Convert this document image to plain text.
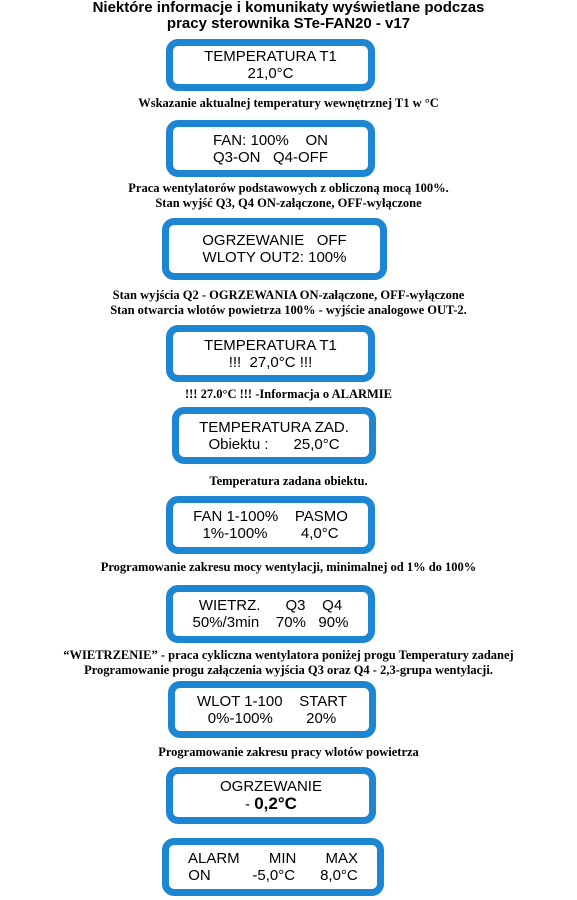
Niektóre informacje i komunikaty wyświetlane podczas
pracy sterownika STe-FAN20 - v17
TEMPERATURA T1
21,0°C
Wskazanie aktualnej temperatury wewnętrznej T1 w °C
FAN: 100%    ON
Q3-ON   Q4-OFF
Praca wentylatorów podstawowych z obliczoną mocą 100%.
Stan wyjść Q3, Q4 ON-załączone, OFF-wyłączone
OGRZEWANIE   OFF
WLOTY OUT2: 100%
Stan wyjścia Q2 - OGRZEWANIA ON-załączone, OFF-wyłączone
Stan otwarcia wlotów powietrza 100% - wyjście analogowe OUT-2.
TEMPERATURA T1
!!!  27,0°C !!!
!!! 27.0°C !!! -Informacja o ALARMIE
TEMPERATURA ZAD.
Obiektu :      25,0°C
Temperatura zadana obiektu.
FAN 1-100%    PASMO
1%-100%        4,0°C
Programowanie zakresu mocy wentylacji, minimalnej od 1% do 100%
WIETRZ.      Q3    Q4
50%/3min    70%   90%
“WIETRZENIE” - praca cykliczna wentylatora poniżej progu Temperatury zadanej
Programowanie progu załączenia wyjścia Q3 oraz Q4 - 2,3-grupa wentylacji.
WLOT 1-100    START
0%-100%        20%
Programowanie zakresu pracy wlotów powietrza
OGRZEWANIE
- 0,2°C
ALARM       MIN       MAX
ON          -5,0°C      8,0°C
